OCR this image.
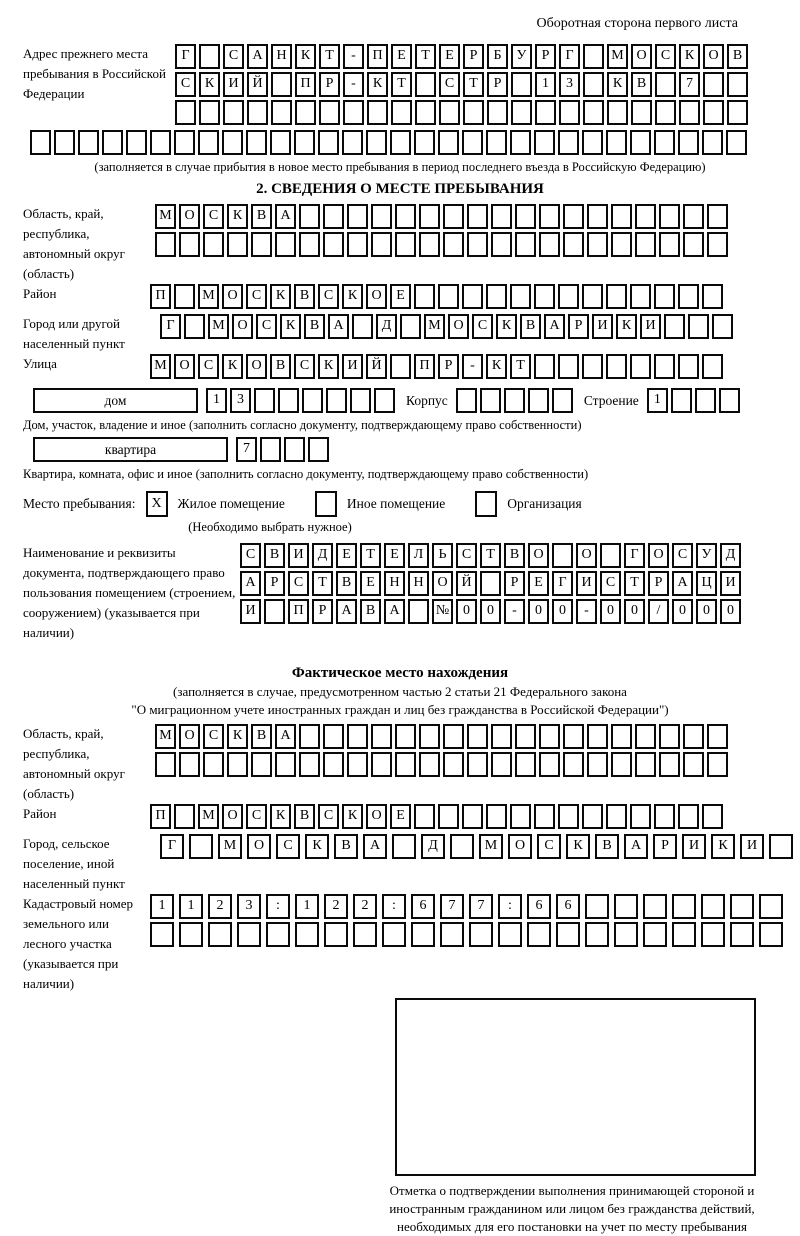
Оборотная сторона первого листа
Адрес прежнего места пребывания в Российской Федерации
Г	С А Н К Т - П Е Т Е Р Б У Р Г	М О С К О В
С К И Й	П Р - К Т	С Т Р	1 3	К В	7
(заполняется в случае прибытия в новое место пребывания в период последнего въезда в Российскую Федерацию)
2. СВЕДЕНИЯ О МЕСТЕ ПРЕБЫВАНИЯ
Область, край, республика, автономный округ (область)
М О С К В А
Район	П	М О С К В С К О Е
Город или другой населенный пункт
Г	М О С К В А	Д	М О С К В А Р И К И
Улица	М О С К О В С К И Й	П Р - К Т
дом	1 3	Корпус	Строение	1
Дом, участок, владение и иное (заполнить согласно документу, подтверждающему право собственности)
квартира	7
Квартира, комната, офис и иное (заполнить согласно документу, подтверждающему право собственности)
Место пребывания:	X	Жилое помещение	Иное помещение	Организация
(Необходимо выбрать нужное)
Наименование и реквизиты документа, подтверждающего право пользования помещением (строением, сооружением) (указывается при наличии)
С В И Д Е Т Е Л Ь С Т В О	О	Г О С У Д
А Р С Т В Е Н Н О Й	Р Е Г И С Т Р А Ц И
И	П Р А В А	№ 0 0 - 0 0 - 0 0 / 0 0 0
Фактическое место нахождения
(заполняется в случае, предусмотренном частью 2 статьи 21 Федерального закона
"О миграционном учете иностранных граждан и лиц без гражданства в Российской Федерации")
Область, край, республика, автономный округ (область)
М О С К В А
Район	П	М О С К В С К О Е
Город, сельское поселение, иной населенный пункт
Г	М О С К В А	Д	М О С К В А Р И К И
Кадастровый номер земельного или лесного участка (указывается при наличии)
1 1 2 3 : 1 2 2 : 6 7 7 : 6 6
Отметка о подтверждении выполнения принимающей стороной и иностранным гражданином или лицом без гражданства действий, необходимых для его постановки на учет по месту пребывания
